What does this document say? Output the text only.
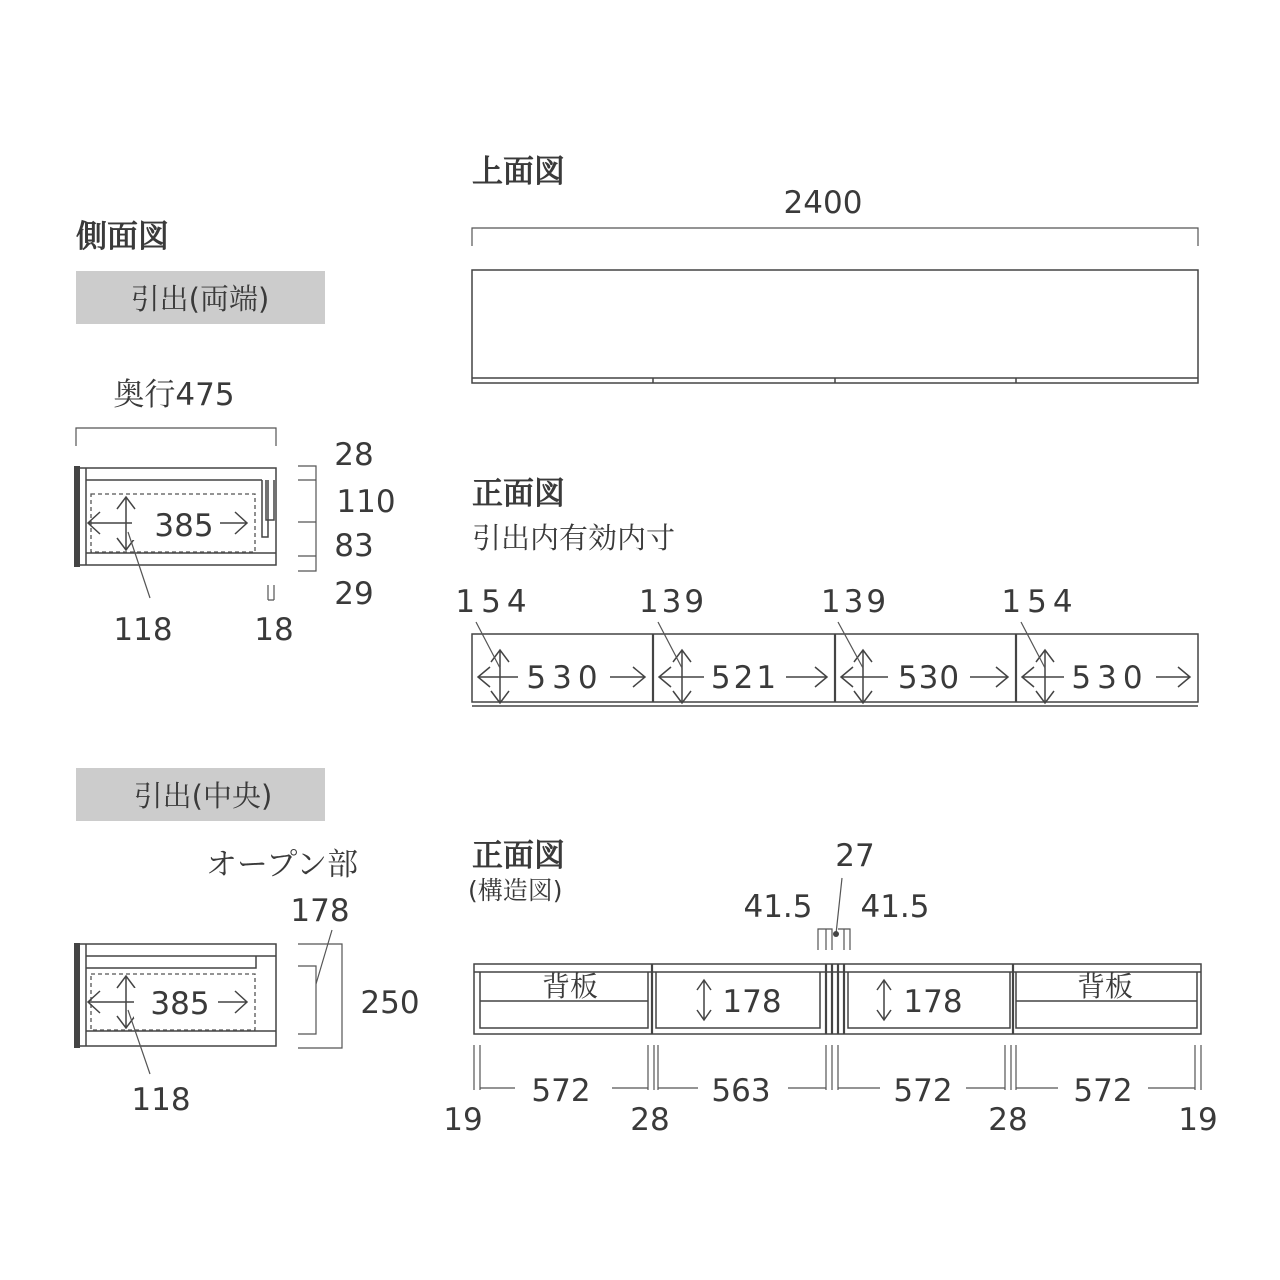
側面図
引出(両端)
奥行475
385
118	18
28
110
83
29
引出(中央)
オープン部
178
250
385
118
上面図
2400
正面図
引出内有効内寸
154	139	139	154
530	521	530	530
正面図
(構造図)
27
41.5 41.5
背板	背板
178	178
572	563	572	572
19	28	28	19
